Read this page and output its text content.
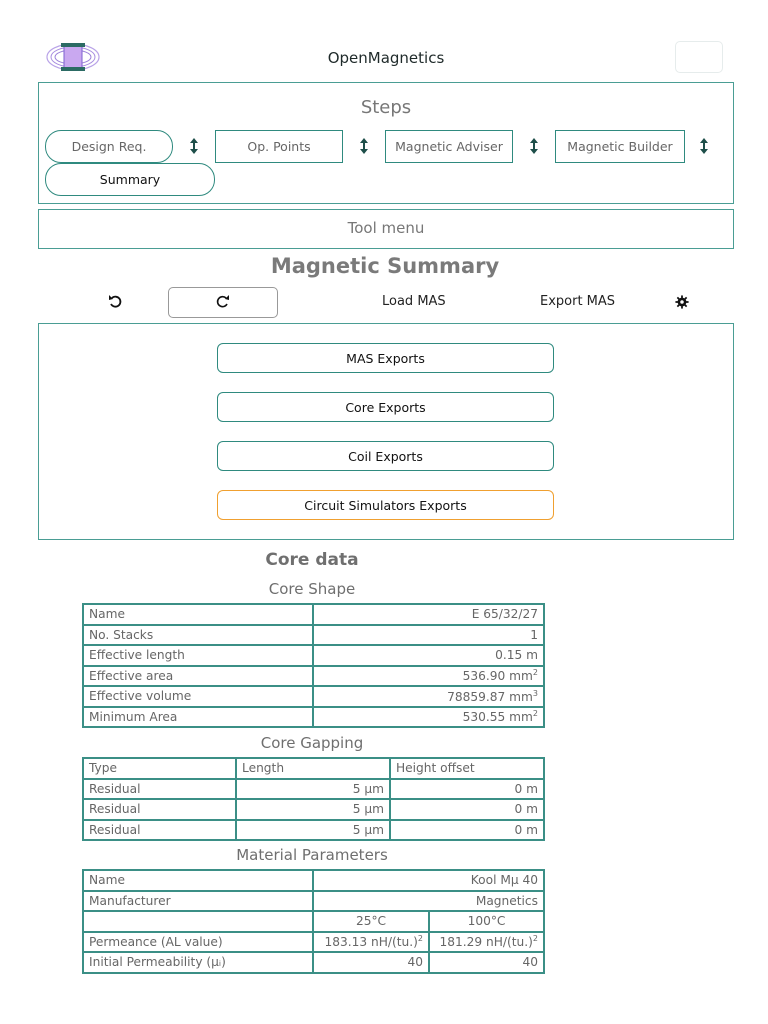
OpenMagnetics
Steps
Design Req.	Op. Points	Magnetic Adviser	Magnetic Builder
Summary
Tool menu
Magnetic Summary
Load MAS	Export MAS
MAS Exports
Core Exports
Coil Exports
Circuit Simulators Exports
Core data
Core Shape
Name	E 65/32/27
No. Stacks	1
Effective length	0.15 m
Effective area	536.90 $mm^2$
Effective volume	78859.87 $mm^3$
Minimum Area	530.55 $mm^2$
Core Gapping
Type	Length	Height offset
Residual	5 µm	0 m
Residual	5 µm	0 m
Residual	5 µm	0 m
Material Parameters
Name	Kool Mµ 40	
Manufacturer	Magnetics	
	25°C	100°C
Permeance (AL value)	183.13 $nH/(tu.)^2$	181.29 $nH/(tu.)^2$
Initial Permeability (µᵢ)	40	40
